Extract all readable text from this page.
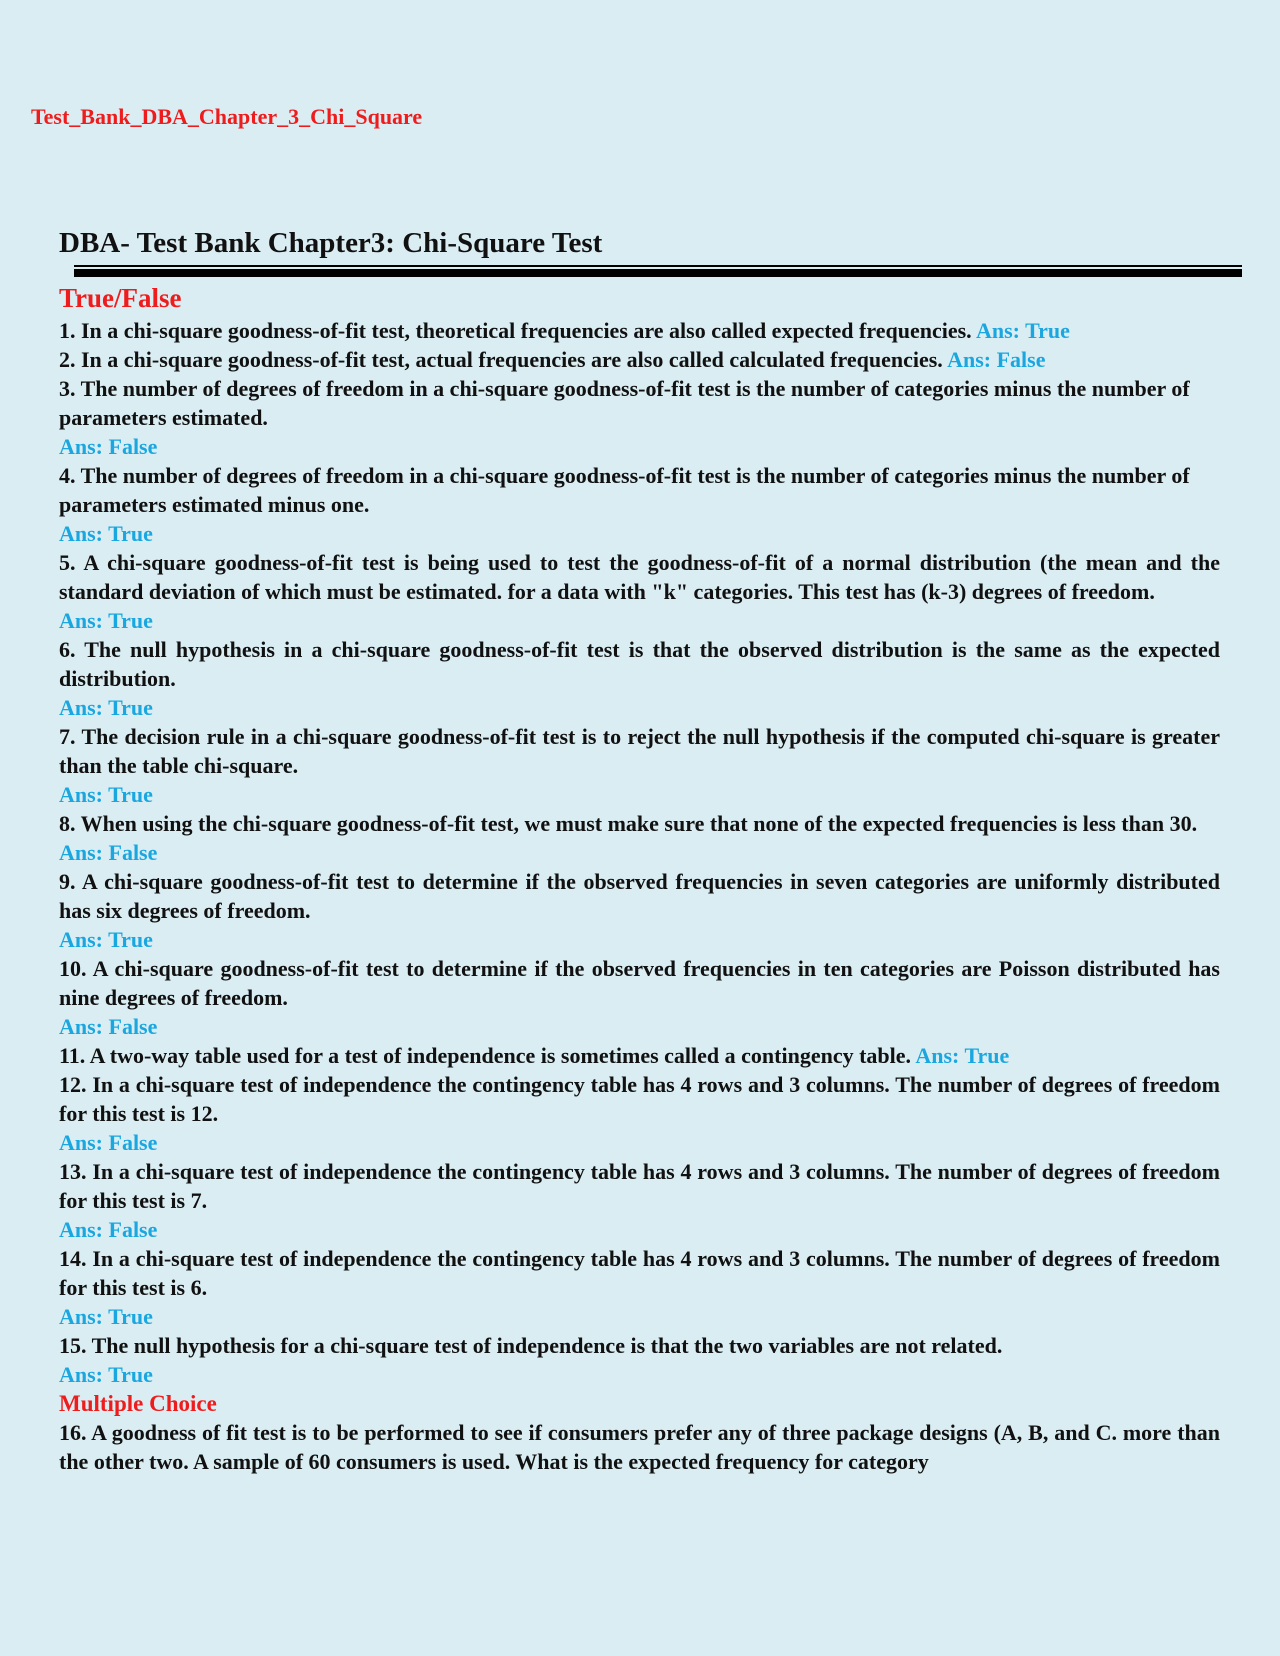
Test_Bank_DBA_Chapter_3_Chi_Square
DBA- Test Bank Chapter3: Chi-Square Test
True/False

1. In a chi-square goodness-of-fit test, theoretical frequencies are also called expected frequencies. Ans: True

2. In a chi-square goodness-of-fit test, actual frequencies are also called calculated frequencies. Ans: False

3. The number of degrees of freedom in a chi-square goodness-of-fit test is the number of categories minus the number of parameters estimated.
Ans: False

4. The number of degrees of freedom in a chi-square goodness-of-fit test is the number of categories minus the number of parameters estimated minus one.
Ans: True

5. A chi-square goodness-of-fit test is being used to test the goodness-of-fit of a normal distribution (the mean and the standard deviation of which must be estimated. for a data with "k" categories. This test has (k-3) degrees of freedom.
Ans: True

6. The null hypothesis in a chi-square goodness-of-fit test is that the observed distribution is the same as the expected distribution.
Ans: True

7. The decision rule in a chi-square goodness-of-fit test is to reject the null hypothesis if the computed chi-square is greater than the table chi-square.
Ans: True

8. When using the chi-square goodness-of-fit test, we must make sure that none of the expected frequencies is less than 30.
Ans: False

9. A chi-square goodness-of-fit test to determine if the observed frequencies in seven categories are uniformly distributed has six degrees of freedom.
Ans: True

10. A chi-square goodness-of-fit test to determine if the observed frequencies in ten categories are Poisson distributed has nine degrees of freedom.
Ans: False

11. A two-way table used for a test of independence is sometimes called a contingency table. Ans: True

12. In a chi-square test of independence the contingency table has 4 rows and 3 columns. The number of degrees of freedom for this test is 12.
Ans: False

13. In a chi-square test of independence the contingency table has 4 rows and 3 columns. The number of degrees of freedom for this test is 7.
Ans: False

14. In a chi-square test of independence the contingency table has 4 rows and 3 columns. The number of degrees of freedom for this test is 6.
Ans: True

15. The null hypothesis for a chi-square test of independence is that the two variables are not related.
Ans: True

Multiple Choice

16. A goodness of fit test is to be performed to see if consumers prefer any of three package designs (A, B, and C. more than the other two. A sample of 60 consumers is used. What is the expected frequency for category
